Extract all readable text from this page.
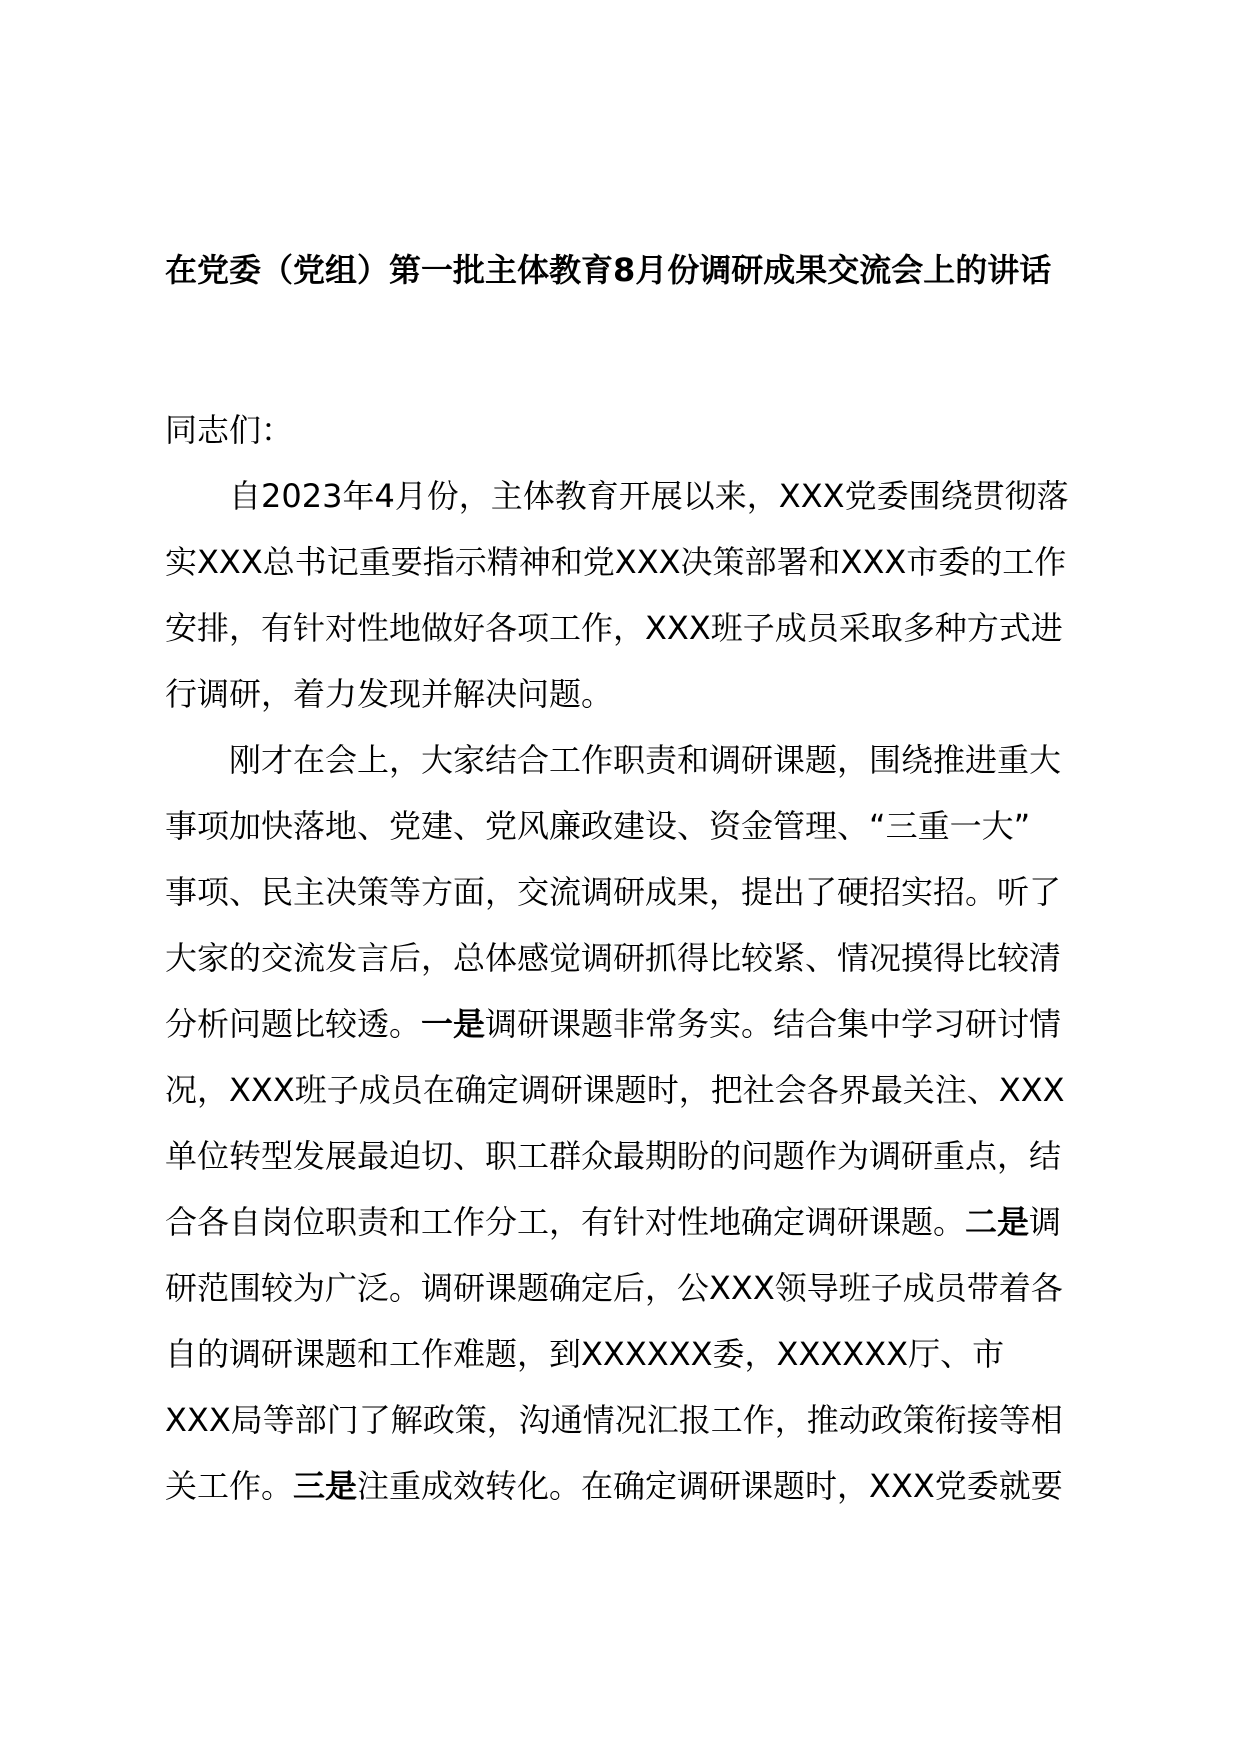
在党委（党组）第一批主体教育8月份调研成果交流会上的讲话
同志们：
自2023年4月份，主体教育开展以来，XXX党委围绕贯彻落
实XXX总书记重要指示精神和党XXX决策部署和XXX市委的工作
安排，有针对性地做好各项工作，XXX班子成员采取多种方式进
行调研，着力发现并解决问题。
刚才在会上，大家结合工作职责和调研课题，围绕推进重大
事项加快落地、党建、党风廉政建设、资金管理、“三重一大”
事项、民主决策等方面，交流调研成果，提出了硬招实招。听了
大家的交流发言后，总体感觉调研抓得比较紧、情况摸得比较清
分析问题比较透。一是调研课题非常务实。结合集中学习研讨情
况，XXX班子成员在确定调研课题时，把社会各界最关注、XXX
单位转型发展最迫切、职工群众最期盼的问题作为调研重点，结
合各自岗位职责和工作分工，有针对性地确定调研课题。二是调
研范围较为广泛。调研课题确定后，公XXX领导班子成员带着各
自的调研课题和工作难题，到XXXXXX委，XXXXXX厅、市
XXX局等部门了解政策，沟通情况汇报工作，推动政策衔接等相
关工作。三是注重成效转化。在确定调研课题时，XXX党委就要
